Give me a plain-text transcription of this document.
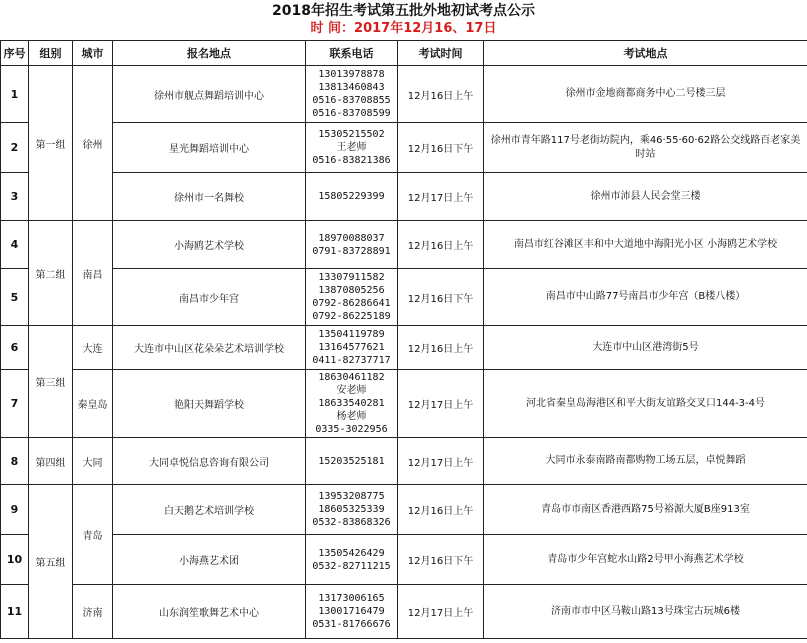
2018年招生考试第五批外地初试考点公示
时 间：2017年12月16、17日
序号	组别	城市	报名地点	联系电话	考试时间	考试地点
1	第一组	徐州	徐州市舰点舞蹈培训中心	13013978878
13813460843
0516-83708855
0516-83708599	12月16日上午	徐州市金地商都商务中心二号楼三层
2			星光舞蹈培训中心	15305215502
王老师
0516-83821386	12月16日下午	徐州市青年路117号老街坊院内，乘46·55·60·62路公交线路百老家美时站
3			徐州市一名舞校	15805229399	12月17日上午	徐州市沛县人民会堂三楼
4	第二组	南昌	小海鸥艺术学校	18970088037
0791-83728891	12月16日上午	南昌市红谷滩区丰和中大道地中海阳光小区 小海鸥艺术学校
5			南昌市少年宫	13307911582
13870805256
0792-86286641
0792-86225189	12月16日下午	南昌市中山路77号南昌市少年宫（B楼八楼）
6	第三组	大连	大连市中山区花朵朵艺术培训学校	13504119789
13164577621
0411-82737717	12月16日上午	大连市中山区港湾街5号
7		秦皇岛	艳阳天舞蹈学校	18630461182
安老师
18633540281
杨老师
0335-3022956	12月17日上午	河北省秦皇岛海港区和平大街友谊路交叉口144-3-4号
8	第四组	大同	大同卓悦信息咨询有限公司	15203525181	12月17日上午	大同市永泰南路南都购物工场五层，卓悦舞蹈
9	第五组	青岛	白天鹅艺术培训学校	13953208775
18605325339
0532-83868326	12月16日上午	青岛市市南区香港西路75号裕源大厦B座913室
10			小海燕艺术团	13505426429
0532-82711215	12月16日下午	青岛市少年宫蛇水山路2号甲小海燕艺术学校
11		济南	山东润笙歌舞艺术中心	13173006165
13001716479
0531-81766676	12月17日上午	济南市市中区马鞍山路13号珠宝古玩城6楼
